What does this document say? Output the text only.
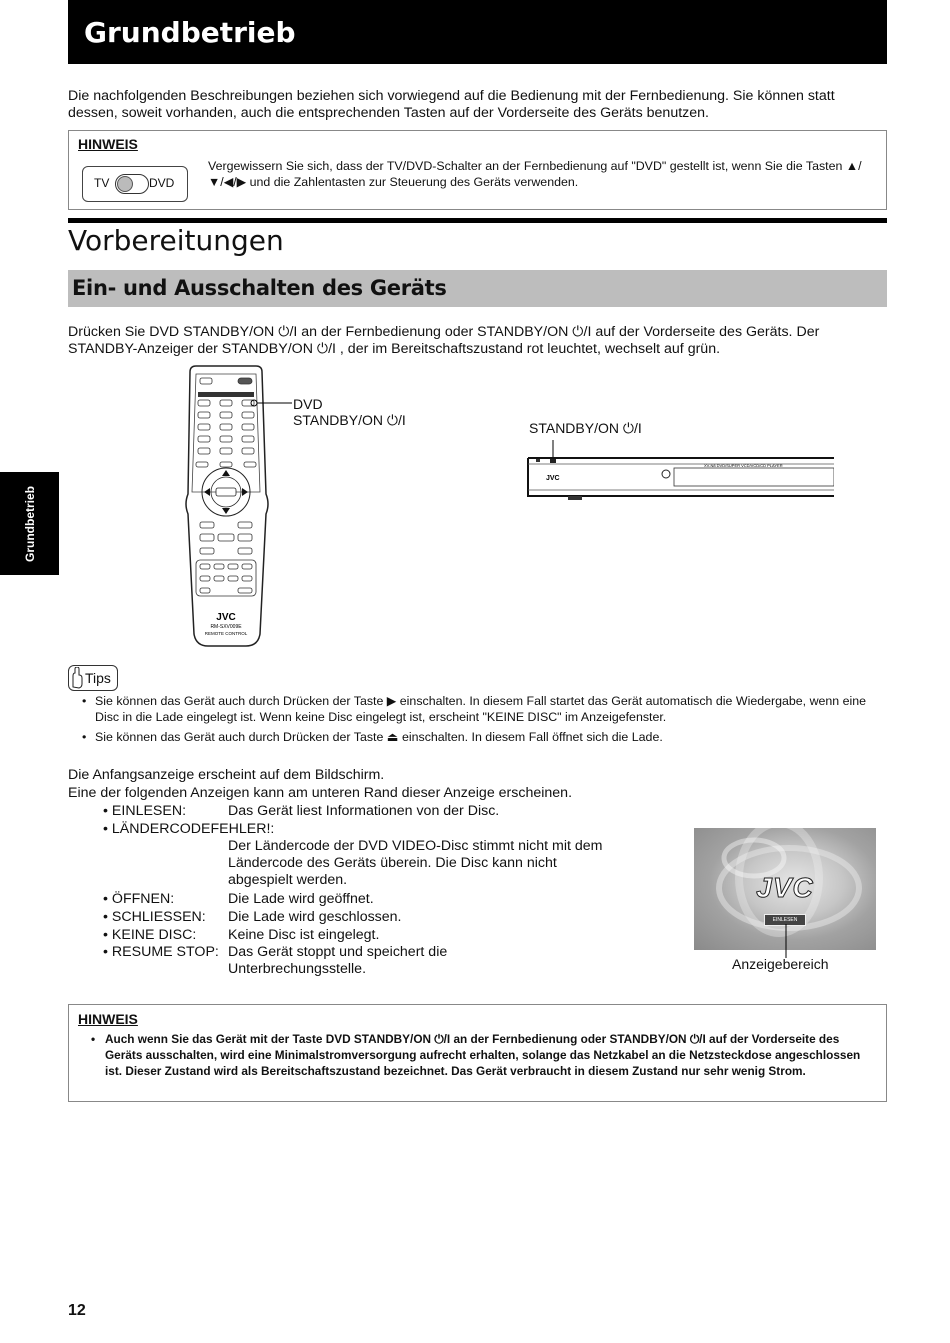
Grundbetrieb
Die nachfolgenden Beschreibungen beziehen sich vorwiegend auf die Bedienung mit der Fernbedienung. Sie können statt dessen, soweit vorhanden, auch die entsprechenden Tasten auf der Vorderseite des Geräts benutzen.
HINWEIS
TV	DVD
Vergewissern Sie sich, dass der TV/DVD-Schalter an der Fernbedienung auf "DVD" gestellt ist, wenn Sie die Tasten ▲/▼/◀/▶ und die Zahlentasten zur Steuerung des Geräts verwenden.
Vorbereitungen
Ein- und Ausschalten des Geräts
Drücken Sie DVD STANDBY/ON ⏻/I an der Fernbedienung oder STANDBY/ON ⏻/I auf der Vorderseite des Geräts. Der STANDBY-Anzeiger der STANDBY/ON ⏻/I , der im Bereitschaftszustand rot leuchtet, wechselt auf grün.
Grundbetrieb
JVC
RM-SXV009E
REMOTE CONTROL
DVD
STANDBY/ON ⏻/I	STANDBY/ON ⏻/I
XV-N8 DVD/SUPER VCD/VCD/CD PLAYER
JVC
Tips
• Sie können das Gerät auch durch Drücken der Taste ▶ einschalten. In diesem Fall startet das Gerät automatisch die Wiedergabe, wenn eine Disc in die Lade eingelegt ist. Wenn keine Disc eingelegt ist, erscheint "KEINE DISC" im Anzeigefenster.
• Sie können das Gerät auch durch Drücken der Taste ⏏ einschalten. In diesem Fall öffnet sich die Lade.
Die Anfangsanzeige erscheint auf dem Bildschirm.
Eine der folgenden Anzeigen kann am unteren Rand dieser Anzeige erscheinen.
• EINLESEN:	Das Gerät liest Informationen von der Disc.
• LÄNDERCODEFEHLER!:
Der Ländercode der DVD VIDEO-Disc stimmt nicht mit dem Ländercode des Geräts überein. Die Disc kann nicht abgespielt werden.
• ÖFFNEN:	Die Lade wird geöffnet.
• SCHLIESSEN: Die Lade wird geschlossen.
• KEINE DISC: Keine Disc ist eingelegt.
• RESUME STOP: Das Gerät stoppt und speichert die Unterbrechungsstelle.
JVC
EINLESEN
Anzeigebereich
HINWEIS
• Auch wenn Sie das Gerät mit der Taste DVD STANDBY/ON ⏻/I an der Fernbedienung oder STANDBY/ON ⏻/I auf der Vorderseite des Geräts ausschalten, wird eine Minimalstromversorgung aufrecht erhalten, solange das Netzkabel an die Netzsteckdose angeschlossen ist. Dieser Zustand wird als Bereitschaftszustand bezeichnet. Das Gerät verbraucht in diesem Zustand nur sehr wenig Strom.
12
